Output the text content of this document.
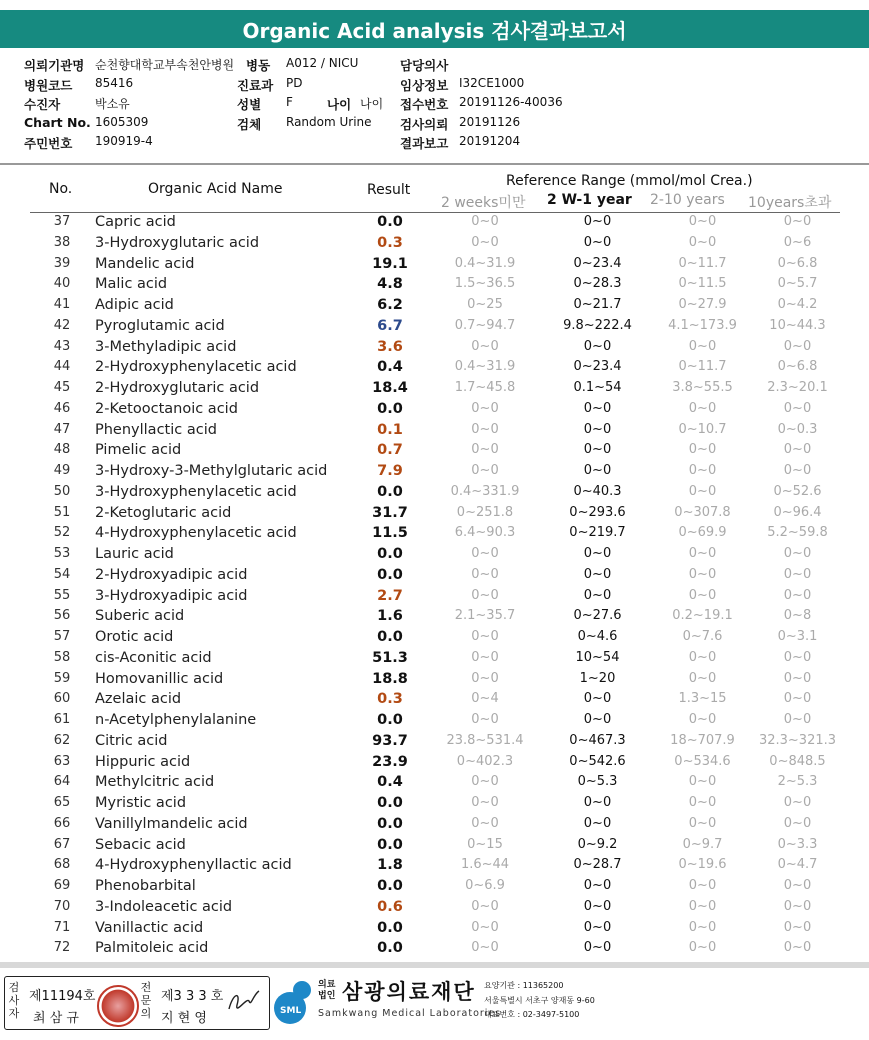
Organic Acid analysis 검사결과보고서
의뢰기관명 순천향대학교부속천안병원 병동 A012 / NICU	담당의사
병원코드 85416	진료과 PD	임상정보 I32CE1000
수진자	박소유	성별 F	나이 나이 접수번호 20191126-40036
Chart No. 1605309	검체 Random Urine 검사의뢰 20191126
주민번호 190919-4	결과보고 20191204
No.	Organic Acid Name	Result
Reference Range (mmol/mol Crea.)
2 weeks미만 2 W-1 year 2-10 years 10years초과
37	Capric acid	0.0	0~0	0~0	0~0	0~0
38	3-Hydroxyglutaric acid	0.3	0~0	0~0	0~0	0~6
39	Mandelic acid	19.1	0.4~31.9	0~23.4	0~11.7	0~6.8
40	Malic acid	4.8	1.5~36.5	0~28.3	0~11.5	0~5.7
41	Adipic acid	6.2	0~25	0~21.7	0~27.9	0~4.2
42	Pyroglutamic acid	6.7	0.7~94.7	9.8~222.4	4.1~173.9	10~44.3
43	3-Methyladipic acid	3.6	0~0	0~0	0~0	0~0
44	2-Hydroxyphenylacetic acid	0.4	0.4~31.9	0~23.4	0~11.7	0~6.8
45	2-Hydroxyglutaric acid	18.4	1.7~45.8	0.1~54	3.8~55.5	2.3~20.1
46	2-Ketooctanoic acid	0.0	0~0	0~0	0~0	0~0
47	Phenyllactic acid	0.1	0~0	0~0	0~10.7	0~0.3
48	Pimelic acid	0.7	0~0	0~0	0~0	0~0
49	3-Hydroxy-3-Methylglutaric acid	7.9	0~0	0~0	0~0	0~0
50	3-Hydroxyphenylacetic acid	0.0	0.4~331.9	0~40.3	0~0	0~52.6
51	2-Ketoglutaric acid	31.7	0~251.8	0~293.6	0~307.8	0~96.4
52	4-Hydroxyphenylacetic acid	11.5	6.4~90.3	0~219.7	0~69.9	5.2~59.8
53	Lauric acid	0.0	0~0	0~0	0~0	0~0
54	2-Hydroxyadipic acid	0.0	0~0	0~0	0~0	0~0
55	3-Hydroxyadipic acid	2.7	0~0	0~0	0~0	0~0
56	Suberic acid	1.6	2.1~35.7	0~27.6	0.2~19.1	0~8
57	Orotic acid	0.0	0~0	0~4.6	0~7.6	0~3.1
58	cis-Aconitic acid	51.3	0~0	10~54	0~0	0~0
59	Homovanillic acid	18.8	0~0	1~20	0~0	0~0
60	Azelaic acid	0.3	0~4	0~0	1.3~15	0~0
61	n-Acetylphenylalanine	0.0	0~0	0~0	0~0	0~0
62	Citric acid	93.7	23.8~531.4	0~467.3	18~707.9	32.3~321.3
63	Hippuric acid	23.9	0~402.3	0~542.6	0~534.6	0~848.5
64	Methylcitric acid	0.4	0~0	0~5.3	0~0	2~5.3
65	Myristic acid	0.0	0~0	0~0	0~0	0~0
66	Vanillylmandelic acid	0.0	0~0	0~0	0~0	0~0
67	Sebacic acid	0.0	0~15	0~9.2	0~9.7	0~3.3
68	4-Hydroxyphenyllactic acid	1.8	1.6~44	0~28.7	0~19.6	0~4.7
69	Phenobarbital	0.0	0~6.9	0~0	0~0	0~0
70	3-Indoleacetic acid	0.6	0~0	0~0	0~0	0~0
71	Vanillactic acid	0.0	0~0	0~0	0~0	0~0
72	Palmitoleic acid	0.0	0~0	0~0	0~0	0~0
검사자
제11194호
최 삼 규
전문의
제3 3 3 호
지 현 영	SML
의료법인 삼광의료재단
Samkwang Medical Laboratories
요양기관 : 11365200
서울특별시 서초구 양재동 9-60
대표번호 : 02-3497-5100
